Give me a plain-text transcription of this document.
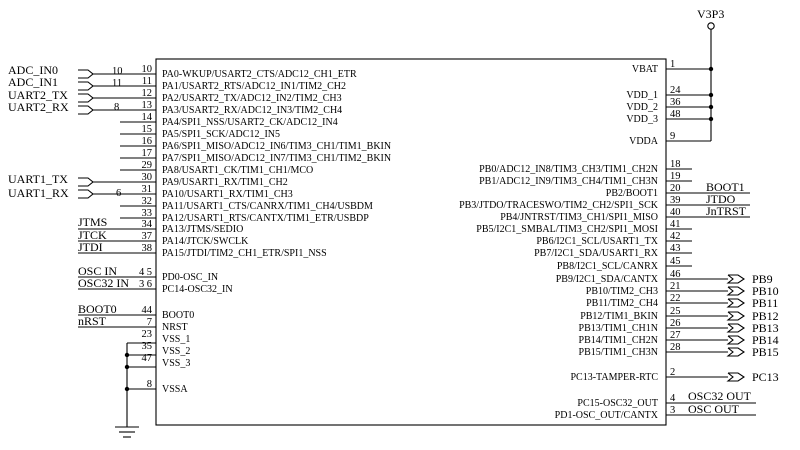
V3P3
ADC_IN0
ADC_IN1
UART2_TX
UART2_RX
UART1_TX
UART1_RX
JTMS
JTCK
JTDI
OSC IN
OSC32 IN
BOOT0
nRST
10
11
8
6
4
3
BOOT1
JTDO
JnTRST
PB9
PB10
PB11
PB12
PB13
PB14
PB15
PC13
OSC32 OUT
OSC OUT
PA0-WKUP/USART2_CTS/ADC12_CH1_ETR
10
PA1/USART2_RTS/ADC12_IN1/TIM2_CH2
11
PA2/USART2_TX/ADC12_IN2/TIM2_CH3
12
PA3/USART2_RX/ADC12_IN3/TIM2_CH4
13
PA4/SPI1_NSS/USART2_CK/ADC12_IN4
14
PA5/SPI1_SCK/ADC12_IN5
15
PA6/SPI1_MISO/ADC12_IN6/TIM3_CH1/TIM1_BKIN
16
PA7/SPI1_MISO/ADC12_IN7/TIM3_CH1/TIM2_BKIN
17
PA8/USART1_CK/TIM1_CH1/MCO
29
PA9/USART1_RX/TIM1_CH2
30
PA10/USART1_RX/TIM1_CH3
31
PA11/USART1_CTS/CANRX/TIM1_CH4/USBDM
32
PA12/USART1_RTS/CANTX/TIM1_ETR/USBDP
33
PA13/JTMS/SEDIO
34
PA14/JTCK/SWCLK
37
PA15/JTDI/TIM2_CH1_ETR/SPI1_NSS
38
PD0-OSC_IN
5
PC14-OSC32_IN
6
BOOT0
44
NRST
7
VSS_1
23
VSS_2
35
VSS_3
47
VSSA
8
VBAT 1
VDD_1 24
VDD_2 36
VDD_3 48
VDDA 9
PB0/ADC12_IN8/TIM3_CH3/TIM1_CH2N 18
PB1/ADC12_IN9/TIM3_CH4/TIM1_CH3N 19
PB2/BOOT1 20
PB3/JTDO/TRACESWO/TIM2_CH2/SPI1_SCK 39
PB4/JNTRST/TIM3_CH1/SPI1_MISO 40
PB5/I2C1_SMBAL/TIM3_CH2/SPI1_MOSI 41
PB6/I2C1_SCL/USART1_TX 42
PB7/I2C1_SDA/USART1_RX 43
PB8/I2C1_SCL/CANRX 45
PB9/I2C1_SDA/CANTX 46
PB10/TIM2_CH3 21
PB11/TIM2_CH4 22
PB12/TIM1_BKIN 25
PB13/TIM1_CH1N 26
PB14/TIM1_CH2N 27
PB15/TIM1_CH3N 28
PC13-TAMPER-RTC 2
PC15-OSC32_OUT 4
PD1-OSC_OUT/CANTX 3
